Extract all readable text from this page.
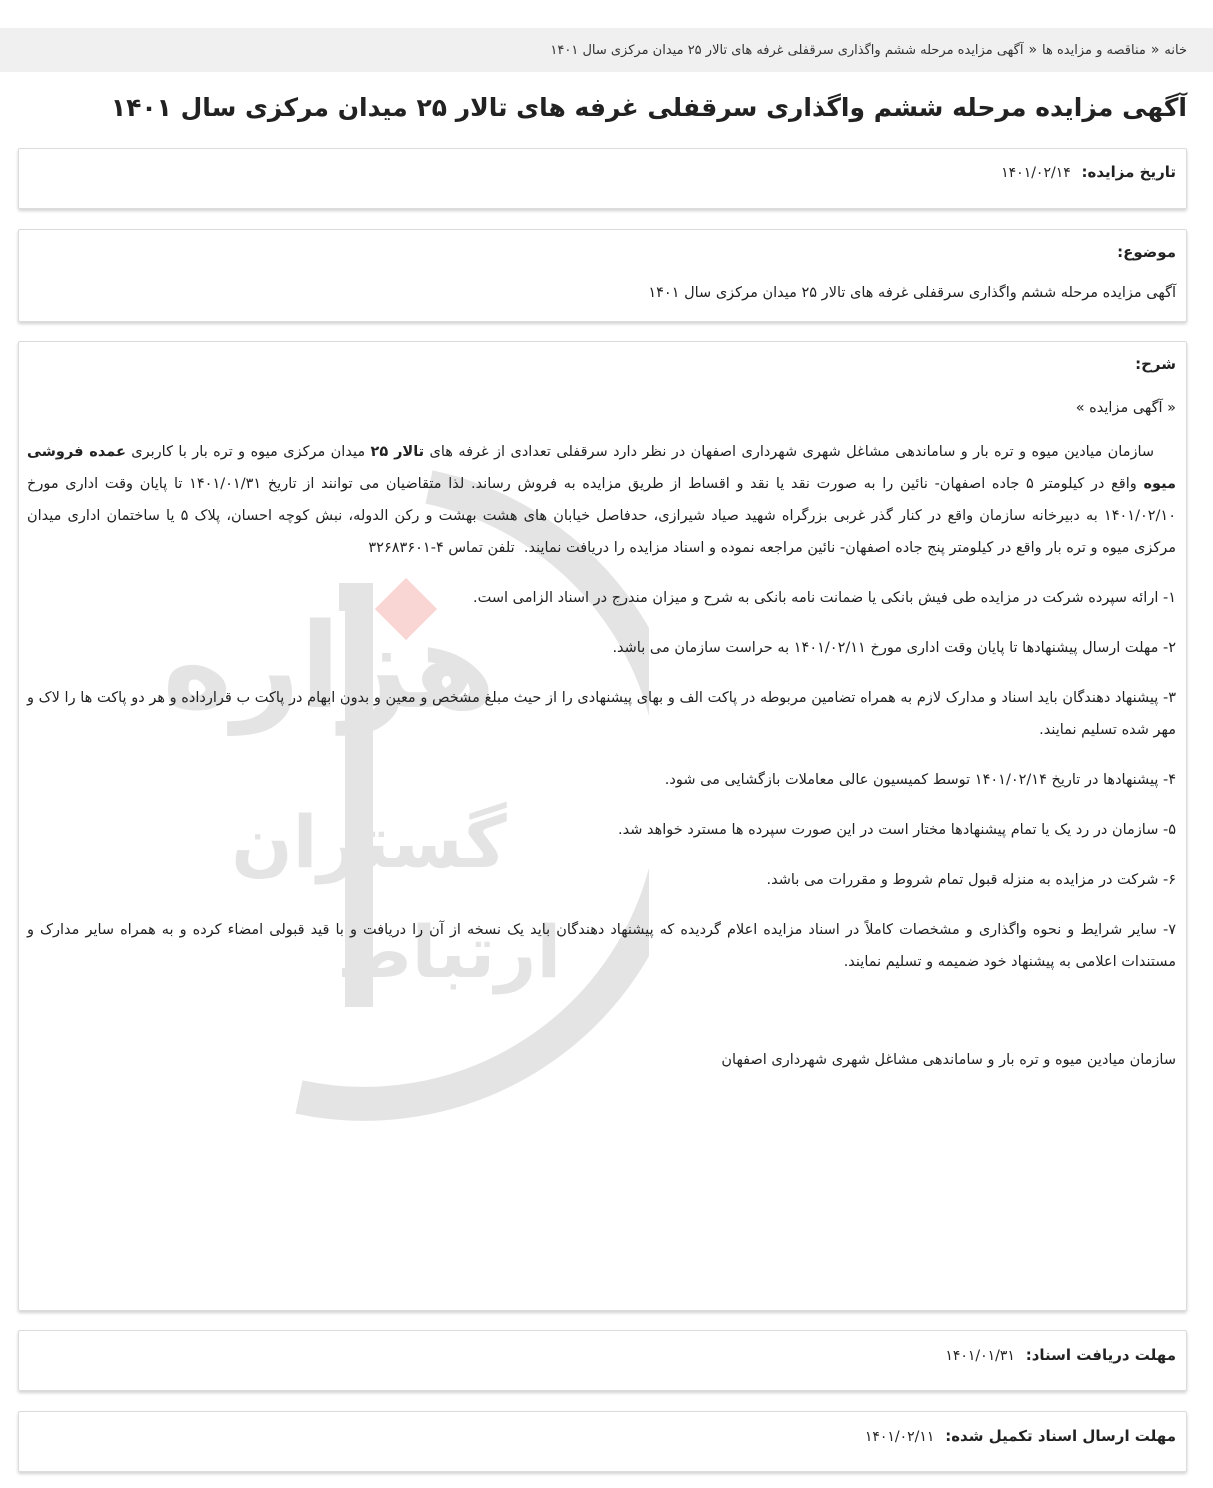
خانه
«
مناقصه و مزایده ها
«
آگهی مزایده مرحله ششم واگذاری سرقفلی غرفه های تالار ۲۵ میدان مرکزی سال ۱۴۰۱
آگهی مزایده مرحله ششم واگذاری سرقفلی غرفه های تالار ۲۵ میدان مرکزی سال ۱۴۰۱
تاریخ مزایده: ۱۴۰۱/۰۲/۱۴
موضوع:
آگهی مزایده مرحله ششم واگذاری سرقفلی غرفه های تالار ۲۵ میدان مرکزی سال ۱۴۰۱
هزاره
گستران
ارتباط
شرح:

« آگهی مزایده »

سازمان میادین میوه و تره بار و ساماندهی مشاغل شهری شهرداری اصفهان در نظر دارد سرقفلی تعدادی از غرفه های تالار ۲۵ میدان مرکزی میوه و تره بار با کاربری عمده فروشی میوه واقع در کیلومتر ۵ جاده اصفهان- نائین را به صورت نقد یا نقد و اقساط از طریق مزایده به فروش رساند. لذا متقاضیان می توانند از تاریخ ۱۴۰۱/۰۱/۳۱ تا پایان وقت اداری مورخ ۱۴۰۱/۰۲/۱۰ به دبیرخانه سازمان واقع در کنار گذر غربی بزرگراه شهید صیاد شیرازی، حدفاصل خیابان های هشت بهشت و رکن الدوله، نبش کوچه احسان، پلاک ۵ یا ساختمان اداری میدان مرکزی میوه و تره بار واقع در کیلومتر پنج جاده اصفهان- نائین مراجعه نموده و اسناد مزایده را دریافت نمایند.  تلفن تماس ۴-۳۲۶۸۳۶۰۱

۱- ارائه سپرده شرکت در مزایده طی فیش بانکی یا ضمانت نامه بانکی به شرح و میزان مندرج در اسناد الزامی است.

۲- مهلت ارسال پیشنهادها تا پایان وقت اداری مورخ ۱۴۰۱/۰۲/۱۱ به حراست سازمان می باشد.

۳- پیشنهاد دهندگان باید اسناد و مدارک لازم به همراه تضامین مربوطه در پاکت الف و بهای پیشنهادی را از حیث مبلغ مشخص و معین و بدون ابهام در پاکت ب قرارداده و هر دو پاکت ها را لاک و مهر شده تسلیم نمایند.

۴- پیشنهادها در تاریخ ۱۴۰۱/۰۲/۱۴ توسط کمیسیون عالی معاملات بازگشایی می شود.

۵- سازمان در رد یک یا تمام پیشنهادها مختار است در این صورت سپرده ها مسترد خواهد شد.

۶- شرکت در مزایده به منزله قبول تمام شروط و مقررات می باشد.

۷- سایر شرایط و نحوه واگذاری و مشخصات کاملاً در اسناد مزایده اعلام گردیده که پیشنهاد دهندگان باید یک نسخه از آن را دریافت و با قید قبولی امضاء کرده و به همراه سایر مدارک و مستندات اعلامی به پیشنهاد خود ضمیمه و تسلیم نمایند.

سازمان میادین میوه و تره بار و ساماندهی مشاغل شهری شهرداری اصفهان

مهلت دریافت اسناد: ۱۴۰۱/۰۱/۳۱
مهلت ارسال اسناد تکمیل شده: ۱۴۰۱/۰۲/۱۱
